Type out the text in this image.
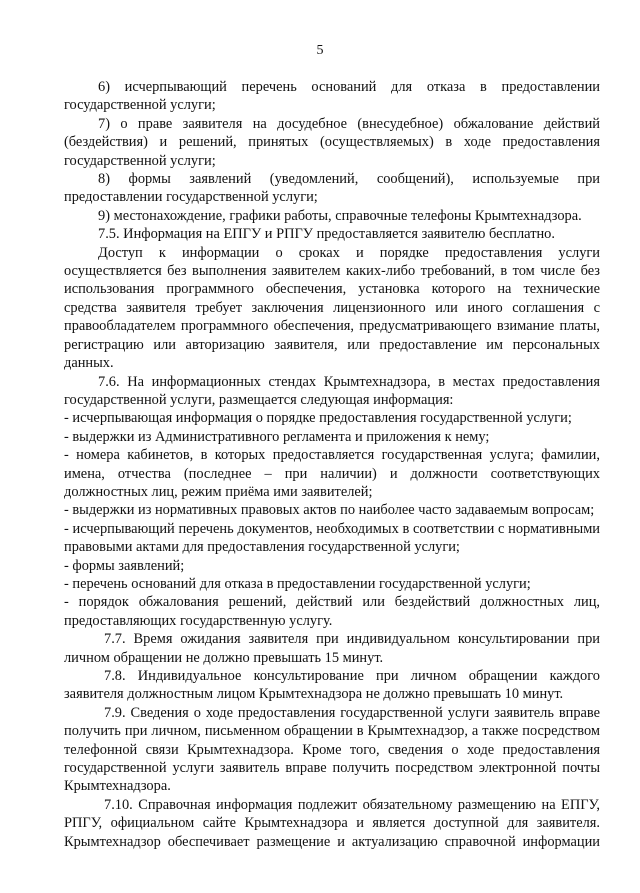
5

6) исчерпывающий перечень оснований для отказа в предоставлении государственной услуги;

7) о праве заявителя на досудебное (внесудебное) обжалование действий (бездействия) и решений, принятых (осуществляемых) в ходе предоставления государственной услуги;

8) формы заявлений (уведомлений, сообщений), используемые при предоставлении государственной услуги;

9) местонахождение, графики работы, справочные телефоны Крымтехнадзора.

7.5. Информация на ЕПГУ и РПГУ предоставляется заявителю бесплатно.

Доступ к информации о сроках и порядке предоставления услуги осуществляется без выполнения заявителем каких-либо требований, в том числе без использования программного обеспечения, установка которого на технические средства заявителя требует заключения лицензионного или иного соглашения с правообладателем программного обеспечения, предусматривающего взимание платы, регистрацию или авторизацию заявителя, или предоставление им персональных данных.

7.6. На информационных стендах Крымтехнадзора, в местах предоставления государственной услуги, размещается следующая информация:

- исчерпывающая информация о порядке предоставления государственной услуги;

- выдержки из Административного регламента и приложения к нему;

- номера кабинетов, в которых предоставляется государственная услуга; фамилии, имена, отчества (последнее – при наличии) и должности соответствующих должностных лиц, режим приёма ими заявителей;

- выдержки из нормативных правовых актов по наиболее часто задаваемым вопросам;

- исчерпывающий перечень документов, необходимых в соответствии с нормативными правовыми актами для предоставления государственной услуги;

- формы заявлений;

- перечень оснований для отказа в предоставлении государственной услуги;

- порядок обжалования решений, действий или бездействий должностных лиц, предоставляющих государственную услугу.

7.7. Время ожидания заявителя при индивидуальном консультировании при личном обращении не должно превышать 15 минут.

7.8. Индивидуальное консультирование при личном обращении каждого заявителя должностным лицом Крымтехнадзора не должно превышать 10 минут.

7.9. Сведения о ходе предоставления государственной услуги заявитель вправе получить при личном, письменном обращении в Крымтехнадзор, а также посредством телефонной связи Крымтехнадзора. Кроме того, сведения о ходе предоставления государственной услуги заявитель вправе получить посредством электронной почты Крымтехнадзора.

7.10. Справочная информация подлежит обязательному размещению на ЕПГУ, РПГУ, официальном сайте Крымтехнадзора и является доступной для заявителя. Крымтехнадзор обеспечивает размещение и актуализацию справочной информации
